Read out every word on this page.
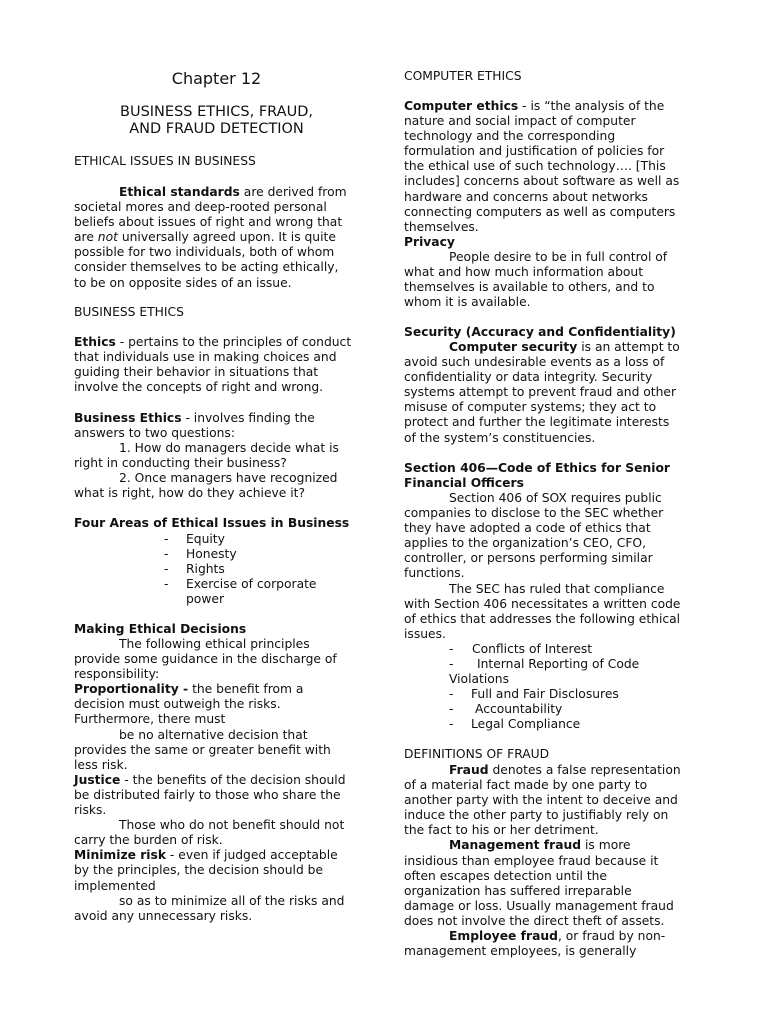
Chapter 12
BUSINESS ETHICS, FRAUD,
AND FRAUD DETECTION
ETHICAL ISSUES IN BUSINESS
Ethical standards are derived from
societal mores and deep-rooted personal
beliefs about issues of right and wrong that
are not universally agreed upon. It is quite
possible for two individuals, both of whom
consider themselves to be acting ethically,
to be on opposite sides of an issue.
BUSINESS ETHICS
Ethics - pertains to the principles of conduct
that individuals use in making choices and
guiding their behavior in situations that
involve the concepts of right and wrong.
Business Ethics - involves finding the
answers to two questions:
1. How do managers decide what is
right in conducting their business?
2. Once managers have recognized
what is right, how do they achieve it?
Four Areas of Ethical Issues in Business
- Equity
- Honesty
- Rights
- Exercise of corporate
power
Making Ethical Decisions
The following ethical principles
provide some guidance in the discharge of
responsibility:
Proportionality - the benefit from a
decision must outweigh the risks.
Furthermore, there must
be no alternative decision that
provides the same or greater benefit with
less risk.
Justice - the benefits of the decision should
be distributed fairly to those who share the
risks.
Those who do not benefit should not
carry the burden of risk.
Minimize risk - even if judged acceptable
by the principles, the decision should be
implemented
so as to minimize all of the risks and
avoid any unnecessary risks.
COMPUTER ETHICS
Computer ethics - is “the analysis of the
nature and social impact of computer
technology and the corresponding
formulation and justification of policies for
the ethical use of such technology…. [This
includes] concerns about software as well as
hardware and concerns about networks
connecting computers as well as computers
themselves.
Privacy
People desire to be in full control of
what and how much information about
themselves is available to others, and to
whom it is available.
Security (Accuracy and Confidentiality)
Computer security is an attempt to
avoid such undesirable events as a loss of
confidentiality or data integrity. Security
systems attempt to prevent fraud and other
misuse of computer systems; they act to
protect and further the legitimate interests
of the system’s constituencies.
Section 406—Code of Ethics for Senior
Financial Officers
Section 406 of SOX requires public
companies to disclose to the SEC whether
they have adopted a code of ethics that
applies to the organization’s CEO, CFO,
controller, or persons performing similar
functions.
The SEC has ruled that compliance
with Section 406 necessitates a written code
of ethics that addresses the following ethical
issues.
- Conflicts of Interest
- Internal Reporting of Code
Violations
- Full and Fair Disclosures
- Accountability
- Legal Compliance
DEFINITIONS OF FRAUD
Fraud denotes a false representation
of a material fact made by one party to
another party with the intent to deceive and
induce the other party to justifiably rely on
the fact to his or her detriment.
Management fraud is more
insidious than employee fraud because it
often escapes detection until the
organization has suffered irreparable
damage or loss. Usually management fraud
does not involve the direct theft of assets.
Employee fraud, or fraud by non-
management employees, is generally
